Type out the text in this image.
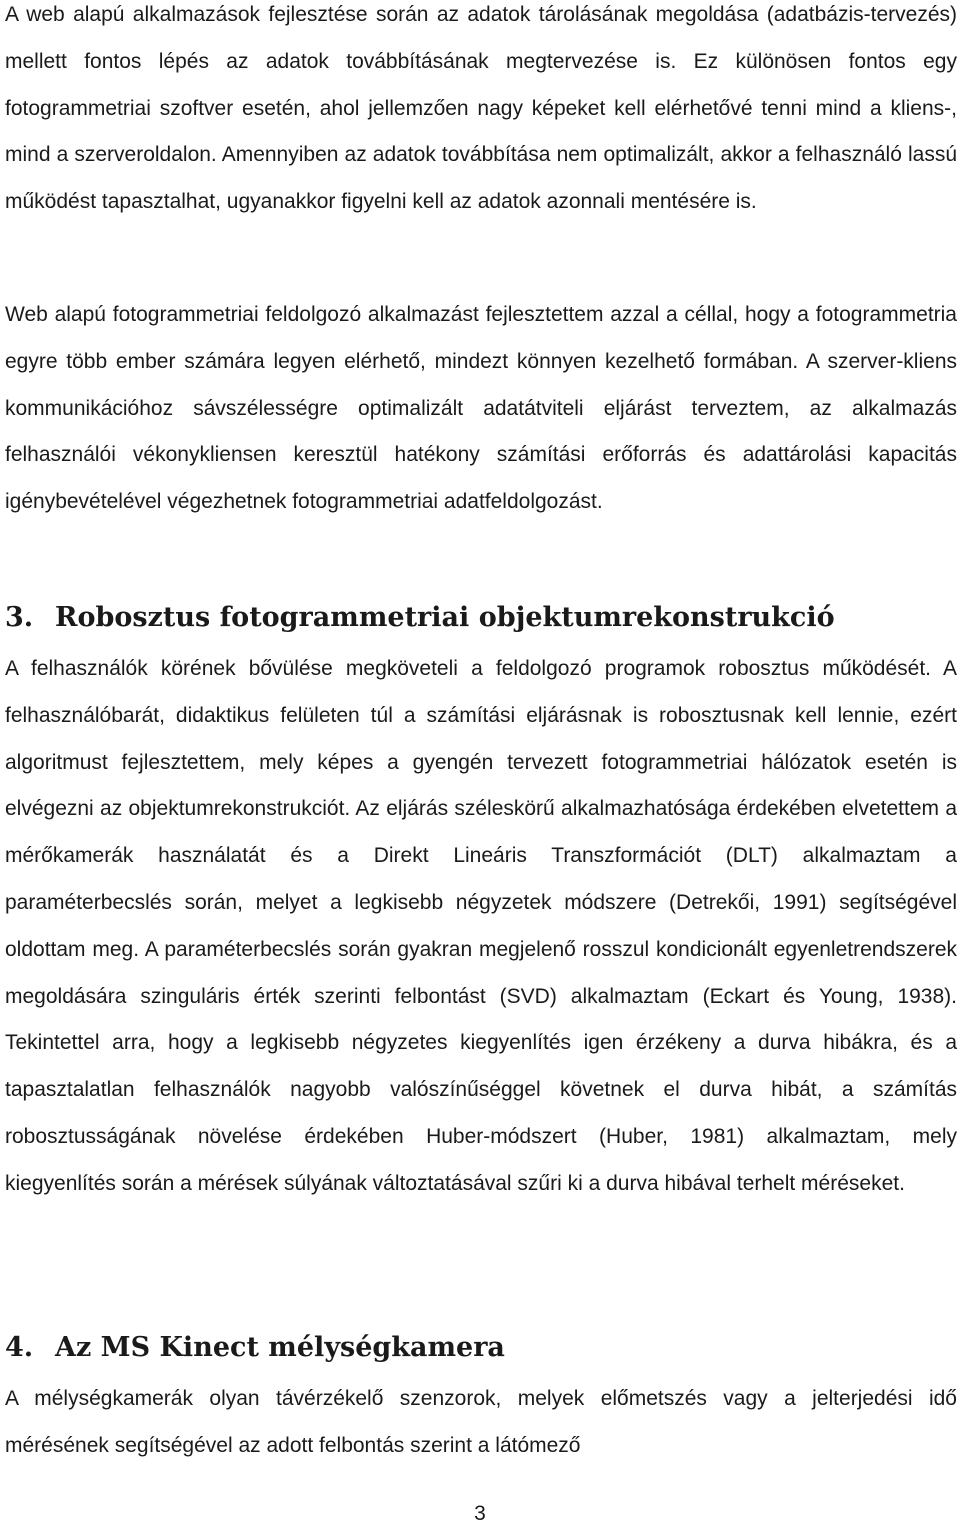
A web alapú alkalmazások fejlesztése során az adatok tárolásának megoldása (adatbázis-tervezés) mellett fontos lépés az adatok továbbításának megtervezése is. Ez különösen fontos egy fotogrammetriai szoftver esetén, ahol jellemzően nagy képeket kell elérhetővé tenni mind a kliens-, mind a szerveroldalon. Amennyiben az adatok továbbítása nem optimalizált, akkor a felhasználó lassú működést tapasztalhat, ugyanakkor figyelni kell az adatok azonnali mentésére is.

Web alapú fotogrammetriai feldolgozó alkalmazást fejlesztettem azzal a céllal, hogy a fotogrammetria egyre több ember számára legyen elérhető, mindezt könnyen kezelhető formában. A szerver-kliens kommunikációhoz sávszélességre optimalizált adatátviteli eljárást terveztem, az alkalmazás felhasználói vékonykliensen keresztül hatékony számítási erőforrás és adattárolási kapacitás igénybevételével végezhetnek fotogrammetriai adatfeldolgozást.

3. Robosztus fotogrammetriai objektumrekonstrukció

A felhasználók körének bővülése megköveteli a feldolgozó programok robosztus működését. A felhasználóbarát, didaktikus felületen túl a számítási eljárásnak is robosztusnak kell lennie, ezért algoritmust fejlesztettem, mely képes a gyengén tervezett fotogrammetriai hálózatok esetén is elvégezni az objektumrekonstrukciót. Az eljárás széleskörű alkalmazhatósága érdekében elvetettem a mérőkamerák használatát és a Direkt Lineáris Transzformációt (DLT) alkalmaztam a paraméterbecslés során, melyet a legkisebb négyzetek módszere (Detrekői, 1991) segítségével oldottam meg. A paraméterbecslés során gyakran megjelenő rosszul kondicionált egyenletrendszerek megoldására szinguláris érték szerinti felbontást (SVD) alkalmaztam (Eckart és Young, 1938). Tekintettel arra, hogy a legkisebb négyzetes kiegyenlítés igen érzékeny a durva hibákra, és a tapasztalatlan felhasználók nagyobb valószínűséggel követnek el durva hibát, a számítás robosztusságának növelése érdekében Huber-módszert (Huber, 1981) alkalmaztam, mely kiegyenlítés során a mérések súlyának változtatásával szűri ki a durva hibával terhelt méréseket.

4. Az MS Kinect mélységkamera

A mélységkamerák olyan távérzékelő szenzorok, melyek előmetszés vagy a jelterjedési idő mérésének segítségével az adott felbontás szerint a látómező

3
